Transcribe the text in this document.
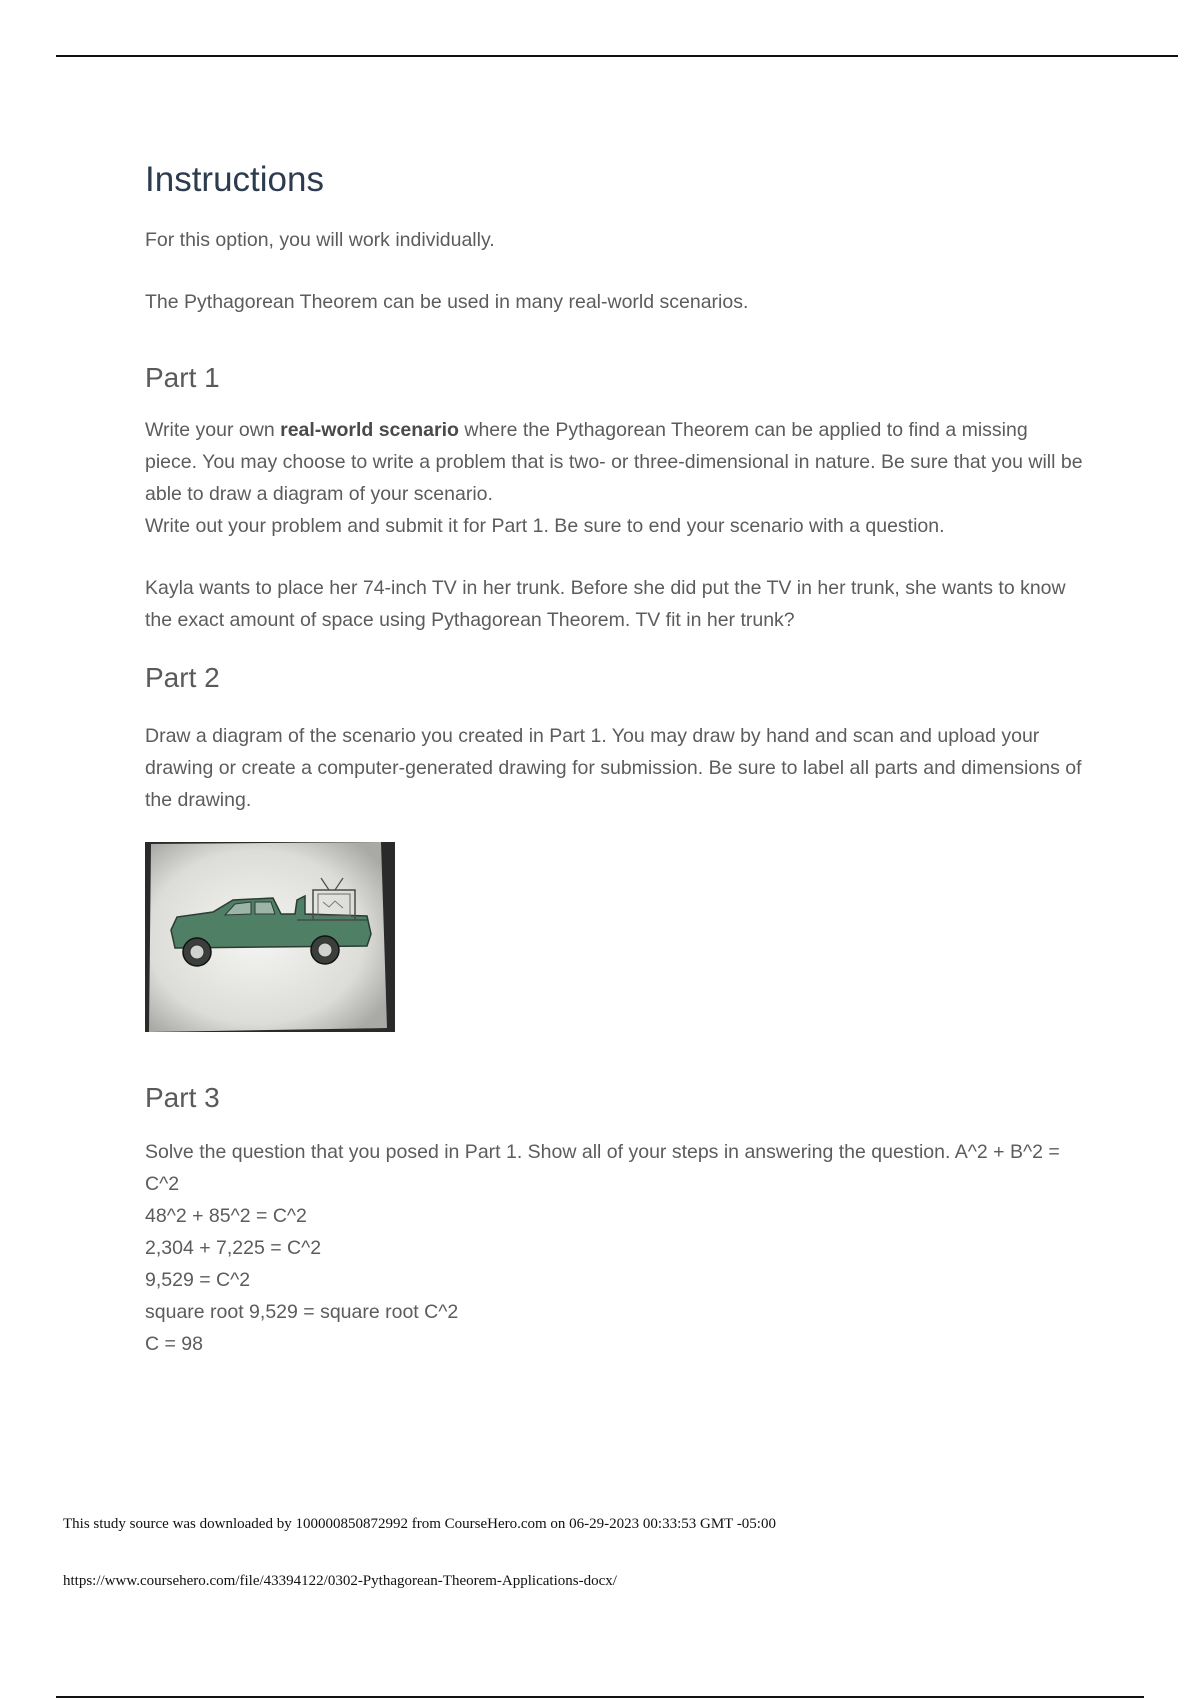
Instructions

For this option, you will work individually.

The Pythagorean Theorem can be used in many real-world scenarios.

Part 1

Write your own real-world scenario where the Pythagorean Theorem can be applied to find a missing piece. You may choose to write a problem that is two- or three-dimensional in nature. Be sure that you will be able to draw a diagram of your scenario.

Write out your problem and submit it for Part 1. Be sure to end your scenario with a question.

Kayla wants to place her 74-inch TV in her trunk. Before she did put the TV in her trunk, she wants to know the exact amount of space using Pythagorean Theorem. TV fit in her trunk?

Part 2

Draw a diagram of the scenario you created in Part 1. You may draw by hand and scan and upload your drawing or create a computer-generated drawing for submission. Be sure to label all parts and dimensions of the drawing.

Part 3

Solve the question that you posed in Part 1. Show all of your steps in answering the question. A^2 + B^2 = C^2

48^2 + 85^2 = C^2
2,304 + 7,225 = C^2
9,529 = C^2
square root 9,529 = square root C^2
C = 98
This study source was downloaded by 100000850872992 from CourseHero.com on 06-29-2023 00:33:53 GMT -05:00
https://www.coursehero.com/file/43394122/0302-Pythagorean-Theorem-Applications-docx/
